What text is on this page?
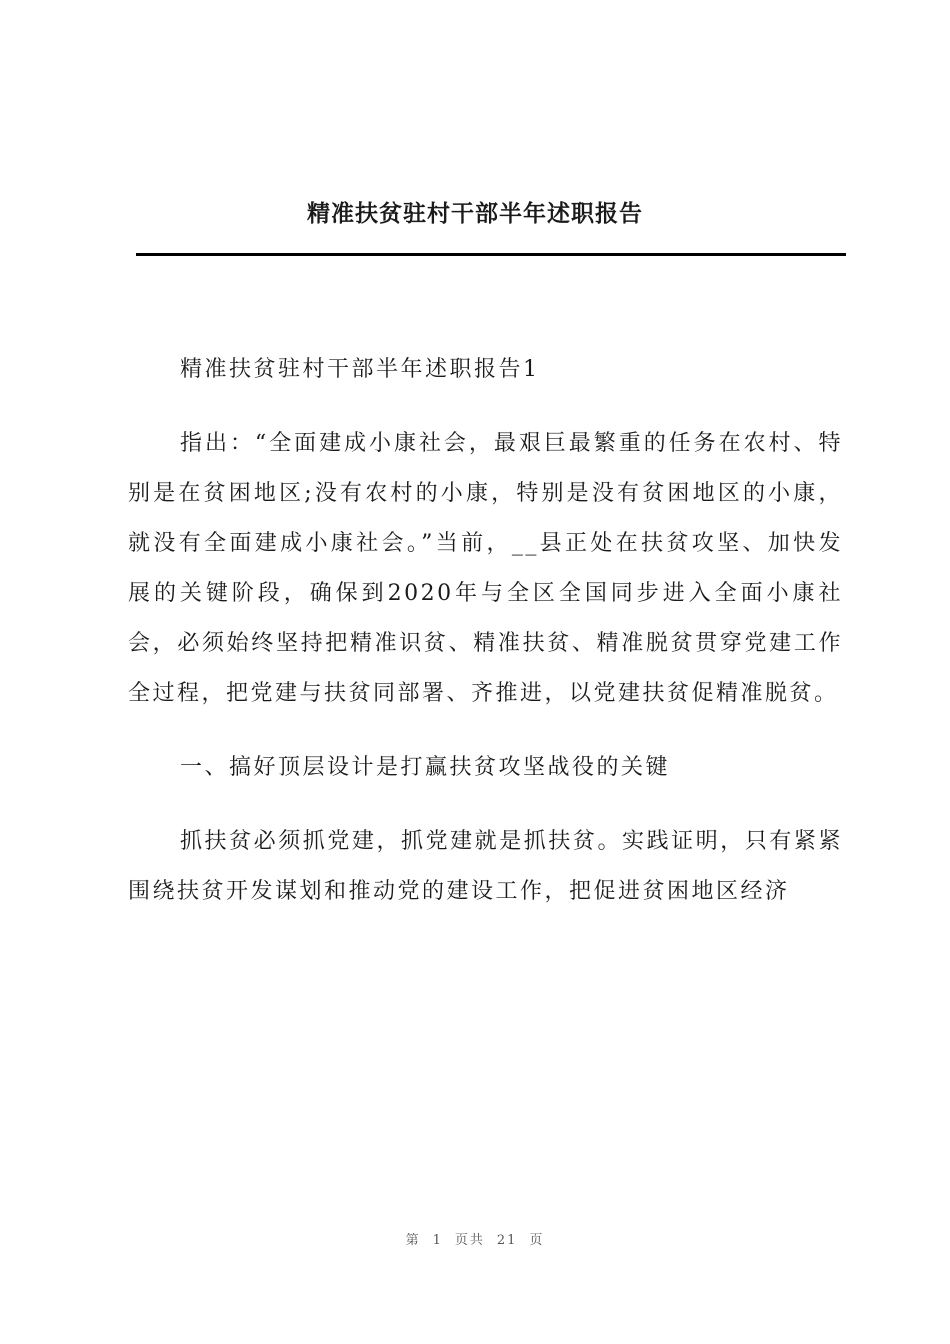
精准扶贫驻村干部半年述职报告

精准扶贫驻村干部半年述职报告1

指出：“全面建成小康社会，最艰巨最繁重的任务在农村、特别是在贫困地区;没有农村的小康，特别是没有贫困地区的小康，就没有全面建成小康社会。”当前，__县正处在扶贫攻坚、加快发展的关键阶段，确保到2020年与全区全国同步进入全面小康社会，必须始终坚持把精准识贫、精准扶贫、精准脱贫贯穿党建工作全过程，把党建与扶贫同部署、齐推进，以党建扶贫促精准脱贫。

一、搞好顶层设计是打赢扶贫攻坚战役的关键

抓扶贫必须抓党建，抓党建就是抓扶贫。实践证明，只有紧紧围绕扶贫开发谋划和推动党的建设工作，把促进贫困地区经济

第 1 页共 21 页
